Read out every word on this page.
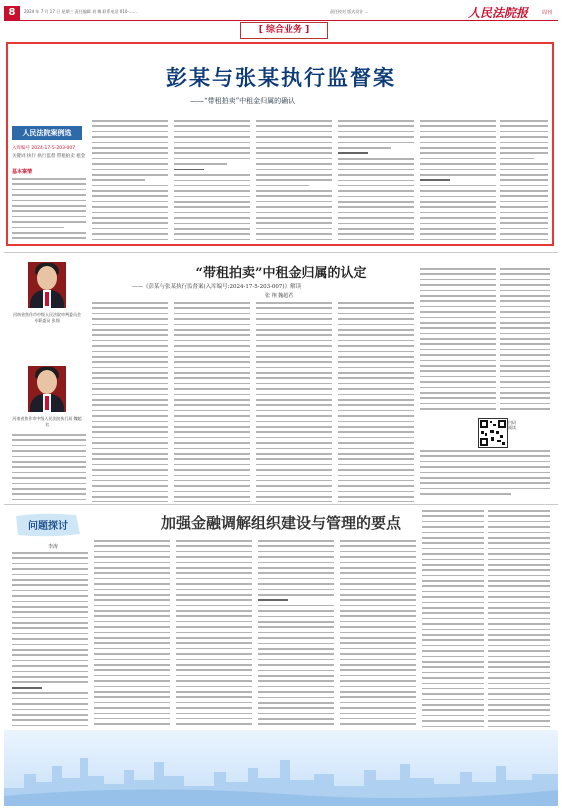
8	2024 年 7 月 17 日 星期三 责任编辑 刘 梅 联系电话 010-……	责任校对 版式设计 …	人民法院报	周刊
[ 综合业务 ]
彭某与张某执行监督案
——“带租拍卖”中租金归属的确认
人民法院案例选
入库编号 2024-17-5-203-007
关键词 执行 执行监督 带租拍卖 租金
基本案情
“带租拍卖”中租金归属的认定
——《彭某与张某执行监督案(入库编号:2024-17-5-203-007)》解读
张 翔 魏超君
河南省焦作市中级人民法院审判委员会专职委员 张翔
河南省焦作市中级人民法院执行局 魏超君	扫码阅读
问题探讨	加强金融调解组织建设与管理的要点
李涛
